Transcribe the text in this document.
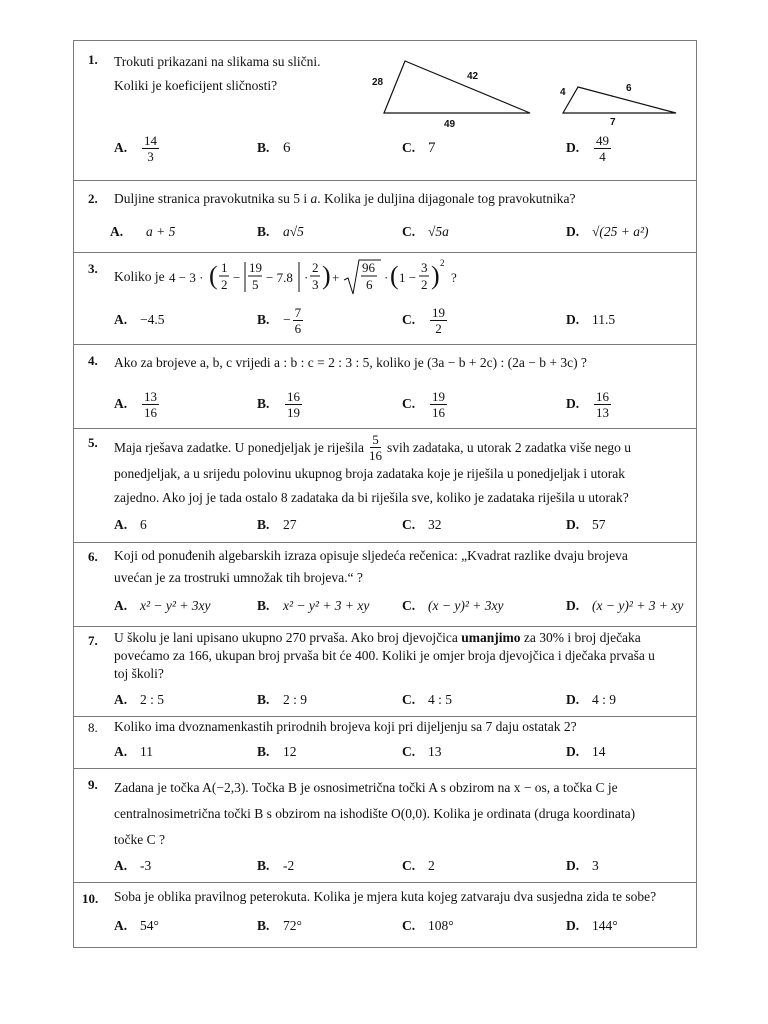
1. Trokuti prikazani na slikama su slični.
Koliki je koeficijent sličnosti?	28
42
49
4	6
7
A.	$\frac{14}{3}$	B. 6	C. 7	D.	$\frac{49}{4}$
2. Duljine stranica pravokutnika su 5 i a. Kolika je duljina dijagonale tog pravokutnika?
A.	a + 5	B.	a√5	C. √5a	D. √(25 + a²)
3.
Koliko je 4 − 3 · ( 1
2 −
19
5 − 7.8 ·
2
3 ) +
96
6 · ( 1 −
3
2 ) 2
?
A. −4.5	B.	− $\frac{7}{6}$	C.	$\frac{19}{2}$	D. 11.5
4. Ako za brojeve a, b, c vrijedi a : b : c = 2 : 3 : 5, koliko je (3a − b + 2c) : (2a − b + 3c) ?
A.	$\frac{13}{16}$	B.	$\frac{16}{19}$	C.	$\frac{19}{16}$	D.	$\frac{16}{13}$
5. Maja rješava zadatke. U ponedjeljak je riješila $\frac{5}{16}$ svih zadataka, u utorak 2 zadatka više nego u
ponedjeljak, a u srijedu polovinu ukupnog broja zadataka koje je riješila u ponedjeljak i utorak
zajedno. Ako joj je tada ostalo 8 zadataka da bi riješila sve, koliko je zadataka riješila u utorak?
A. 6	B.	27	C. 32	D. 57
6. Koji od ponuđenih algebarskih izraza opisuje sljedeća rečenica: „Kvadrat razlike dvaju brojeva
uvećan je za trostruki umnožak tih brojeva.“ ?
A. x² − y² + 3xy	B.	x² − y² + 3 + xy C. (x − y)² + 3xy	D. (x − y)² + 3 + xy
7. U školu je lani upisano ukupno 270 prvaša. Ako broj djevojčica umanjimo za 30% i broj dječaka
povećamo za 166, ukupan broj prvaša bit će 400. Koliki je omjer broja djevojčica i dječaka prvaša u
toj školi?
A. 2 : 5	B.	2 : 9	C. 4 : 5	D. 4 : 9
8. Koliko ima dvoznamenkastih prirodnih brojeva koji pri dijeljenju sa 7 daju ostatak 2?
A. 11	B.	12	C. 13	D. 14
9. Zadana je točka A(−2,3). Točka B je osnosimetrična točki A s obzirom na x − os, a točka C je
centralnosimetrična točki B s obzirom na ishodište O(0,0). Kolika je ordinata (druga koordinata)
točke C ?
A. -3	B.	-2	C. 2	D. 3
10. Soba je oblika pravilnog peterokuta. Kolika je mjera kuta kojeg zatvaraju dva susjedna zida te sobe?
A. 54°	B.	72°	C. 108°	D. 144°
